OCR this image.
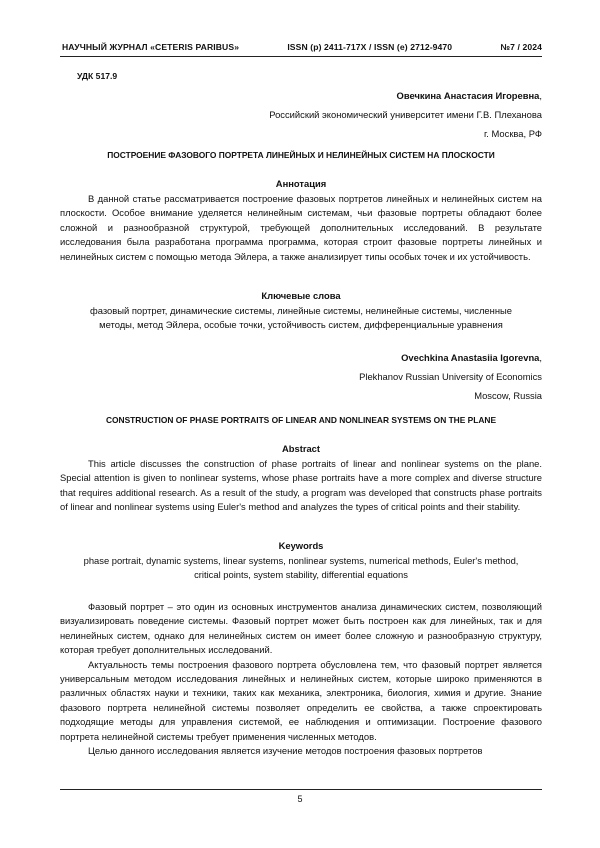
НАУЧНЫЙ ЖУРНАЛ «CETERIS PARIBUS»	ISSN (p) 2411-717X / ISSN (e) 2712-9470	№7 / 2024
УДК 517.9
Овечкина Анастасия Игоревна,
Российский экономический университет имени Г.В. Плеханова
г. Москва, РФ
ПОСТРОЕНИЕ ФАЗОВОГО ПОРТРЕТА ЛИНЕЙНЫХ И НЕЛИНЕЙНЫХ СИСТЕМ НА ПЛОСКОСТИ
Аннотация

В данной статье рассматривается построение фазовых портретов линейных и нелинейных систем на плоскости. Особое внимание уделяется нелинейным системам, чьи фазовые портреты обладают более сложной и разнообразной структурой, требующей дополнительных исследований. В результате исследования была разработана программа программа, которая строит фазовые портреты линейных и нелинейных систем с помощью метода Эйлера, а также анализирует типы особых точек и их устойчивость.

Ключевые слова

фазовый портрет, динамические системы, линейные системы, нелинейные системы, численные

методы, метод Эйлера, особые точки, устойчивость систем, дифференциальные уравнения

Ovechkina Anastasiia Igorevna,
Plekhanov Russian University of Economics
Moscow, Russia
CONSTRUCTION OF PHASE PORTRAITS OF LINEAR AND NONLINEAR SYSTEMS ON THE PLANE
Abstract

This article discusses the construction of phase portraits of linear and nonlinear systems on the plane. Special attention is given to nonlinear systems, whose phase portraits have a more complex and diverse structure that requires additional research. As a result of the study, a program was developed that constructs phase portraits of linear and nonlinear systems using Euler's method and analyzes the types of critical points and their stability.

Keywords

phase portrait, dynamic systems, linear systems, nonlinear systems, numerical methods, Euler's method,

critical points, system stability, differential equations

Фазовый портрет – это один из основных инструментов анализа динамических систем, позволяющий визуализировать поведение системы. Фазовый портрет может быть построен как для линейных, так и для нелинейных систем, однако для нелинейных систем он имеет более сложную и разнообразную структуру, которая требует дополнительных исследований.

Актуальность темы построения фазового портрета обусловлена тем, что фазовый портрет является универсальным методом исследования линейных и нелинейных систем, которые широко применяются в различных областях науки и техники, таких как механика, электроника, биология, химия и другие. Знание фазового портрета нелинейной системы позволяет определить ее свойства, а также спроектировать подходящие методы для управления системой, ее наблюдения и оптимизации. Построение фазового портрета нелинейной системы требует применения численных методов.

Целью данного исследования является изучение методов построения фазовых портретов

5
